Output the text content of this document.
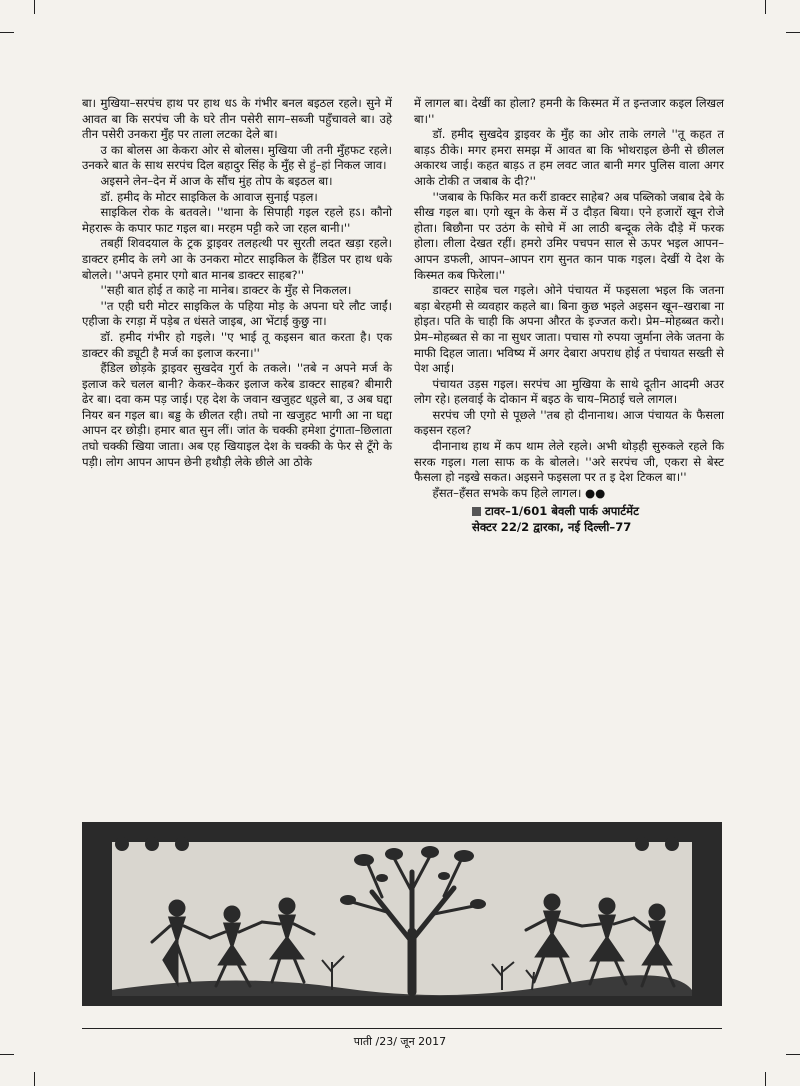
बा। मुखिया–सरपंच हाथ पर हाथ धऽ के गंभीर बनल बइठल रहले। सुने में आवत बा कि सरपंच जी के घरे तीन पसेरी साग–सब्जी पहुँचावले बा। उहे तीन पसेरी उनकरा मुँह पर ताला लटका देले बा।

उ का बोलस आ केकरा ओर से बोलस। मुखिया जी तनी मुँहफट रहले। उनकरे बात के साथ सरपंच दिल बहादुर सिंह के मुँह से हुं–हां निकल जाव।

अइसने लेन–देन में आज के सौंच मुंह तोप के बइठल बा।

डॉ. हमीद के मोटर साइकिल के आवाज सुनाई पड़ल।

साइकिल रोक के बतवले। ''थाना के सिपाही गइल रहले हऽ। कौनो मेहरारू के कपार फाट गइल बा। मरहम पट्टी करे जा रहल बानी।''

तबहीं शिवदयाल के ट्रक ड्राइवर तलहत्थी पर सुरती लदत खड़ा रहले। डाक्टर हमीद के लगे आ के उनकरा मोटर साइकिल के हैंडिल पर हाथ धके बोलले। ''अपने हमार एगो बात मानब डाक्टर साहब?''

''सही बात होई त काहे ना मानेब। डाक्टर के मुँह से निकलल।

''त एही घरी मोटर साइकिल के पहिया मोड़ के अपना घरे लौट जाईं। एहीजा के रगड़ा में पड़ेब त धंसते जाइब, आ भेंटाई कुछु ना।

डॉ. हमीद गंभीर हो गइले। ''ए भाई तू कइसन बात करता है। एक डाक्टर की ड्यूटी है मर्ज का इलाज करना।''

हैंडिल छोड़के ड्राइवर सुखदेव गुर्रा के तकले। ''तबे न अपने मर्ज के इलाज करे चलल बानी? केकर–केकर इलाज करेब डाक्टर साहब? बीमारी ढेर बा। दवा कम पड़ जाई। एह देश के जवान खजुहट ध्इले बा, उ अब घद्दा नियर बन गइल बा। बड्ड के छीलत रही। तघो ना खजुहट भागी आ ना घद्दा आपन दर छोड़ी। हमार बात सुन लीं। जांत के चक्की हमेशा टुंगाता–छिलाता तघो चक्की खिया जाता। अब एह खियाइल देश के चक्की के फेर से टूँगे के पड़ी। लोग आपन आपन छेनी हथौड़ी लेके छीले आ ठोके

में लागल बा। देखीं का होला? हमनी के किस्मत में त इन्तजार कइल लिखल बा।''

डॉ. हमीद सुखदेव ड्राइवर के मुँह का ओर ताके लगले ''तू कहत त बाड़ऽ ठीके। मगर हमरा समझ में आवत बा कि भोथराइल छेनी से छीलल अकारथ जाई। कहत बाड़ऽ त हम लवट जात बानी मगर पुलिस वाला अगर आके टोकी त जबाब के दी?''

''जबाब के फिकिर मत करीं डाक्टर साहेब? अब पब्लिको जबाब देबे के सीख गइल बा। एगो खून के केस में उ दौड़त बिया। एने हजारों खून रोजे होता। बिछौना पर उठंग के सोचे में आ लाठी बन्दूक लेके दौड़े में फरक होला। लीला देखत रहीं। हमरो उमिर पचपन साल से ऊपर भइल आपन–आपन डफली, आपन–आपन राग सुनत कान पाक गइल। देखीं ये देश के किस्मत कब फिरेला।''

डाक्टर साहेब चल गइले। ओने पंचायत में फइसला भइल कि जतना बड़ा बेरहमी से व्यवहार कहले बा। बिना कुछ भइले अइसन खून–खराबा ना होइत। पति के चाही कि अपना औरत के इज्जत करो। प्रेम–मोहब्बत करो। प्रेम–मोहब्बत से का ना सुधर जाता। पचास गो रुपया जुर्माना लेके जतना के माफी दिहल जाता। भविष्य में अगर देबारा अपराध होई त पंचायत सख्ती से पेश आई।

पंचायत उड़स गइल। सरपंच आ मुखिया के साथे दूतीन आदमी अउर लोग रहे। हलवाई के दोकान में बइठ के चाय–मिठाई चले लागल।

सरपंच जी एगो से पूछले ''तब हो दीनानाथ। आज पंचायत के फैसला कइसन रहल?

दीनानाथ हाथ में कप थाम लेले रहले। अभी थोड़ही सुरुकले रहले कि सरक गइल। गला साफ क के बोलले। ''अरे सरपंच जी, एकरा से बेस्ट फैसला हो नइखे सकत। अइसने फइसला पर त इ देश टिकल बा।''

हँसत–हँसत सभके कप हिले लागल। ●●

टावर–1/601 बेवली पार्क अपार्टमेंट
सेक्टर 22/2 द्वारका, नई दिल्ली–77
पाती /23/ जून 2017
